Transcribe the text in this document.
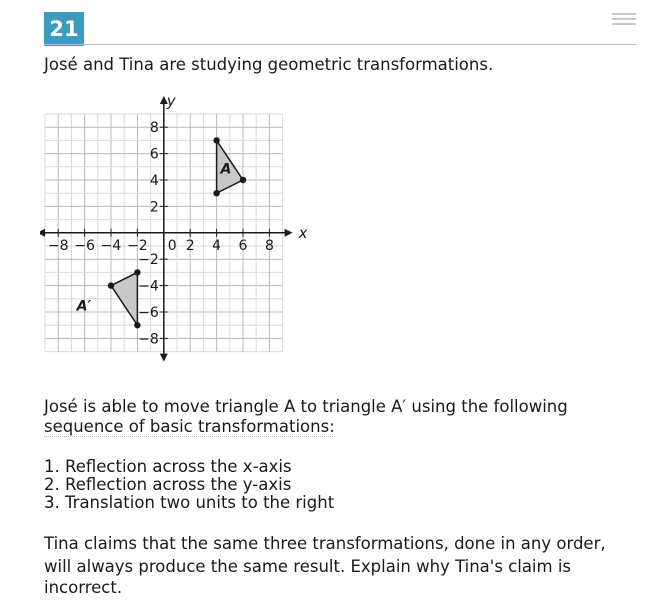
21
José and Tina are studying geometric transformations.
−8 −6 −4 −2	2 4 6 8
8
6
4
2
−2
−4
−6
−8
0
A
A′
x
y
José is able to move triangle A to triangle A′ using the following
sequence of basic transformations:
1. Reflection across the x-axis
2. Reflection across the y-axis
3. Translation two units to the right
Tina claims that the same three transformations, done in any order,
will always produce the same result. Explain why Tina's claim is
incorrect.
